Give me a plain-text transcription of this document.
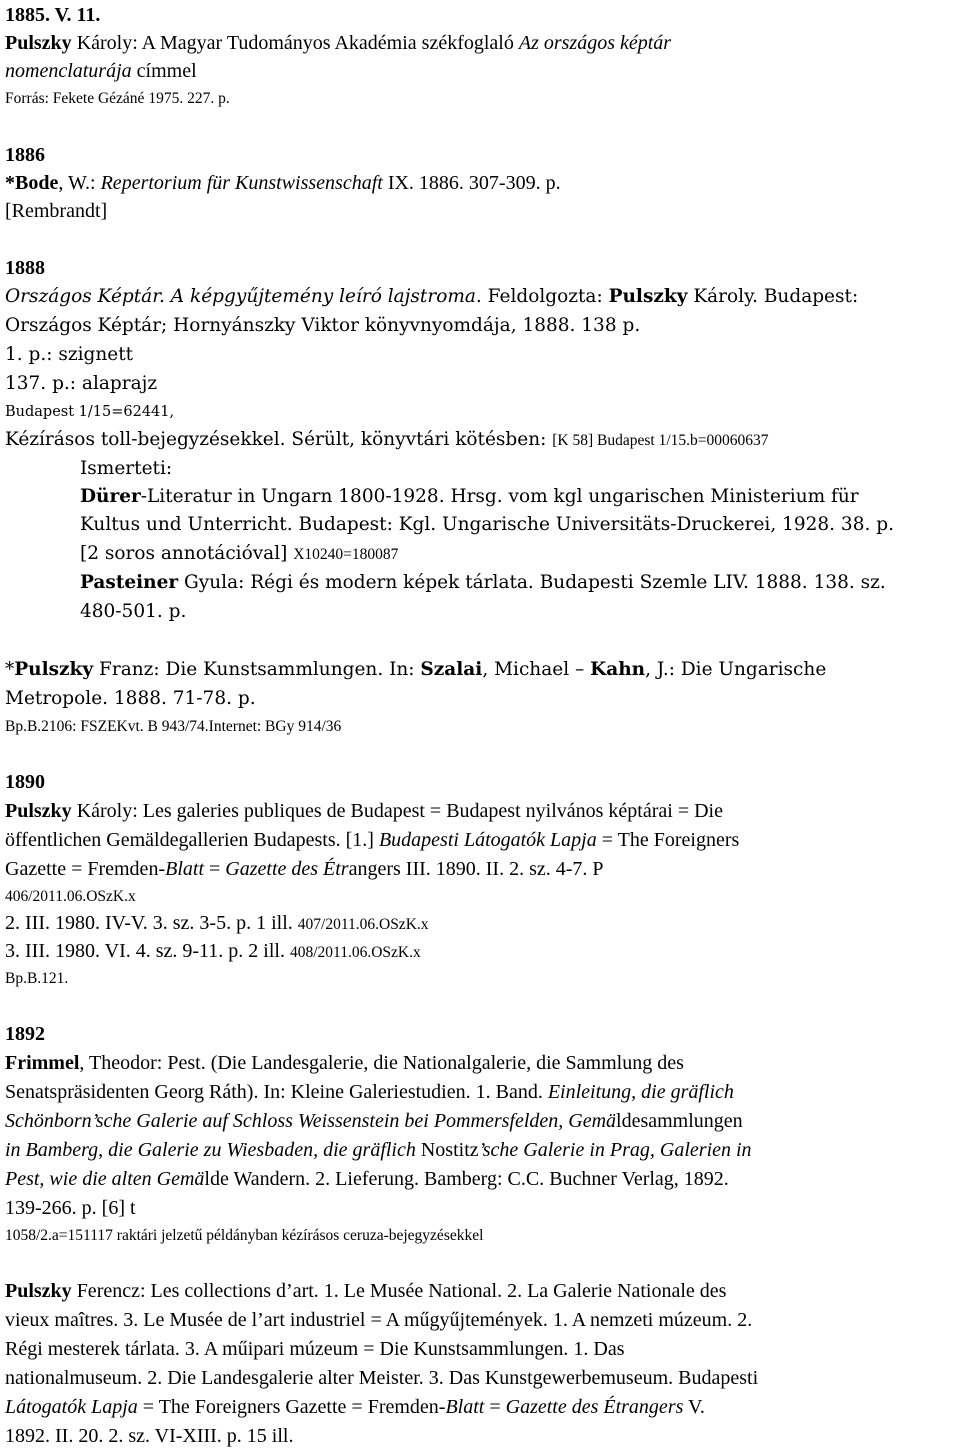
1885. V. 11.
Pulszky Károly: A Magyar Tudományos Akadémia székfoglaló Az országos képtár
nomenclaturája címmel
Forrás: Fekete Gézáné 1975. 227. p.
1886
*Bode, W.: Repertorium für Kunstwissenschaft IX. 1886. 307-309. p.
[Rembrandt]
1888
Országos Képtár. A képgyűjtemény leíró lajstroma. Feldolgozta: Pulszky Károly. Budapest:
Országos Képtár; Hornyánszky Viktor könyvnyomdája, 1888. 138 p.
1. p.: szignett
137. p.: alaprajz
Budapest 1/15=62441,
Kézírásos toll-bejegyzésekkel. Sérült, könyvtári kötésben: [K 58] Budapest 1/15.b=00060637
Ismerteti:
Dürer-Literatur in Ungarn 1800-1928. Hrsg. vom kgl ungarischen Ministerium für
Kultus und Unterricht. Budapest: Kgl. Ungarische Universitäts-Druckerei, 1928. 38. p.
[2 soros annotációval] X10240=180087
Pasteiner Gyula: Régi és modern képek tárlata. Budapesti Szemle LIV. 1888. 138. sz.
480-501. p.
*Pulszky Franz: Die Kunstsammlungen. In: Szalai, Michael – Kahn, J.: Die Ungarische
Metropole. 1888. 71-78. p.
Bp.B.2106: FSZEKvt. B 943/74.Internet: BGy 914/36
1890
Pulszky Károly: Les galeries publiques de Budapest = Budapest nyilvános képtárai = Die
öffentlichen Gemäldegallerien Budapests. [1.] Budapesti Látogatók Lapja = The Foreigners
Gazette = Fremden-Blatt = Gazette des Étrangers III. 1890. II. 2. sz. 4-7. P
406/2011.06.OSzK.x
2. III. 1980. IV-V. 3. sz. 3-5. p. 1 ill. 407/2011.06.OSzK.x
3. III. 1980. VI. 4. sz. 9-11. p. 2 ill. 408/2011.06.OSzK.x
Bp.B.121.
1892
Frimmel, Theodor: Pest. (Die Landesgalerie, die Nationalgalerie, die Sammlung des
Senatspräsidenten Georg Ráth). In: Kleine Galeriestudien. 1. Band. Einleitung, die gräflich
Schönborn’sche Galerie auf Schloss Weissenstein bei Pommersfelden, Gemäldesammlungen
in Bamberg, die Galerie zu Wiesbaden, die gräflich Nostitz’sche Galerie in Prag, Galerien in
Pest, wie die alten Gemälde Wandern. 2. Lieferung. Bamberg: C.C. Buchner Verlag, 1892.
139-266. p. [6] t
1058/2.a=151117 raktári jelzetű példányban kézírásos ceruza-bejegyzésekkel
Pulszky Ferencz: Les collections d’art. 1. Le Musée National. 2. La Galerie Nationale des
vieux maîtres. 3. Le Musée de l’art industriel = A műgyűjtemények. 1. A nemzeti múzeum. 2.
Régi mesterek tárlata. 3. A műipari múzeum = Die Kunstsammlungen. 1. Das
nationalmuseum. 2. Die Landesgalerie alter Meister. 3. Das Kunstgewerbemuseum. Budapesti
Látogatók Lapja = The Foreigners Gazette = Fremden-Blatt = Gazette des Étrangers V.
1892. II. 20. 2. sz. VI-XIII. p. 15 ill.
